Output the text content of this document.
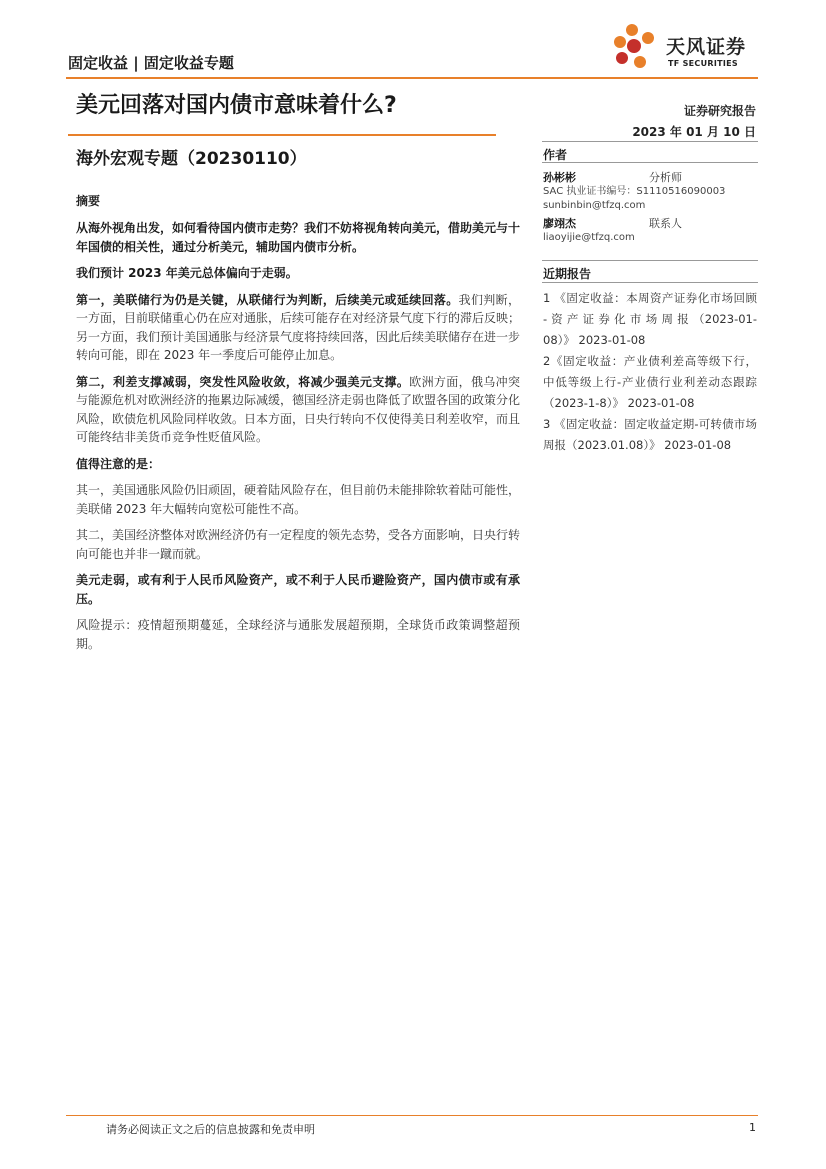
固定收益 | 固定收益专题
天风证券
TF SECURITIES
美元回落对国内债市意味着什么?	证券研究报告
2023 年 01 月 10 日
海外宏观专题（20230110）
摘要

从海外视角出发，如何看待国内债市走势？我们不妨将视角转向美元，借助美元与十年国债的相关性，通过分析美元，辅助国内债市分析。

我们预计 2023 年美元总体偏向于走弱。

第一，美联储行为仍是关键，从联储行为判断，后续美元或延续回落。我们判断，一方面，目前联储重心仍在应对通胀，后续可能存在对经济景气度下行的滞后反映；另一方面，我们预计美国通胀与经济景气度将持续回落，因此后续美联储存在进一步转向可能，即在 2023 年一季度后可能停止加息。

第二，利差支撑减弱，突发性风险收敛，将减少强美元支撑。欧洲方面，俄乌冲突与能源危机对欧洲经济的拖累边际减缓，德国经济走弱也降低了欧盟各国的政策分化风险，欧债危机风险同样收敛。日本方面，日央行转向不仅使得美日利差收窄，而且可能终结非美货币竞争性贬值风险。

值得注意的是：

其一，美国通胀风险仍旧顽固，硬着陆风险存在，但目前仍未能排除软着陆可能性，美联储 2023 年大幅转向宽松可能性不高。

其二，美国经济整体对欧洲经济仍有一定程度的领先态势，受各方面影响，日央行转向可能也并非一蹴而就。

美元走弱，或有利于人民币风险资产，或不利于人民币避险资产，国内债市或有承压。

风险提示：疫情超预期蔓延，全球经济与通胀发展超预期，全球货币政策调整超预期。

作者
孙彬彬	分析师
SAC 执业证书编号：S1110516090003
sunbinbin@tfzq.com
廖翊杰	联系人
liaoyijie@tfzq.com
近期报告
1 《固定收益：本周资产证券化市场回顾 - 资 产 证 券 化 市 场 周 报 （2023-01-08）》 2023-01-08
2《固定收益：产业债利差高等级下行，中低等级上行-产业债行业利差动态跟踪（2023-1-8）》 2023-01-08
3 《固定收益：固定收益定期-可转债市场周报（2023.01.08）》 2023-01-08
请务必阅读正文之后的信息披露和免责申明	1
